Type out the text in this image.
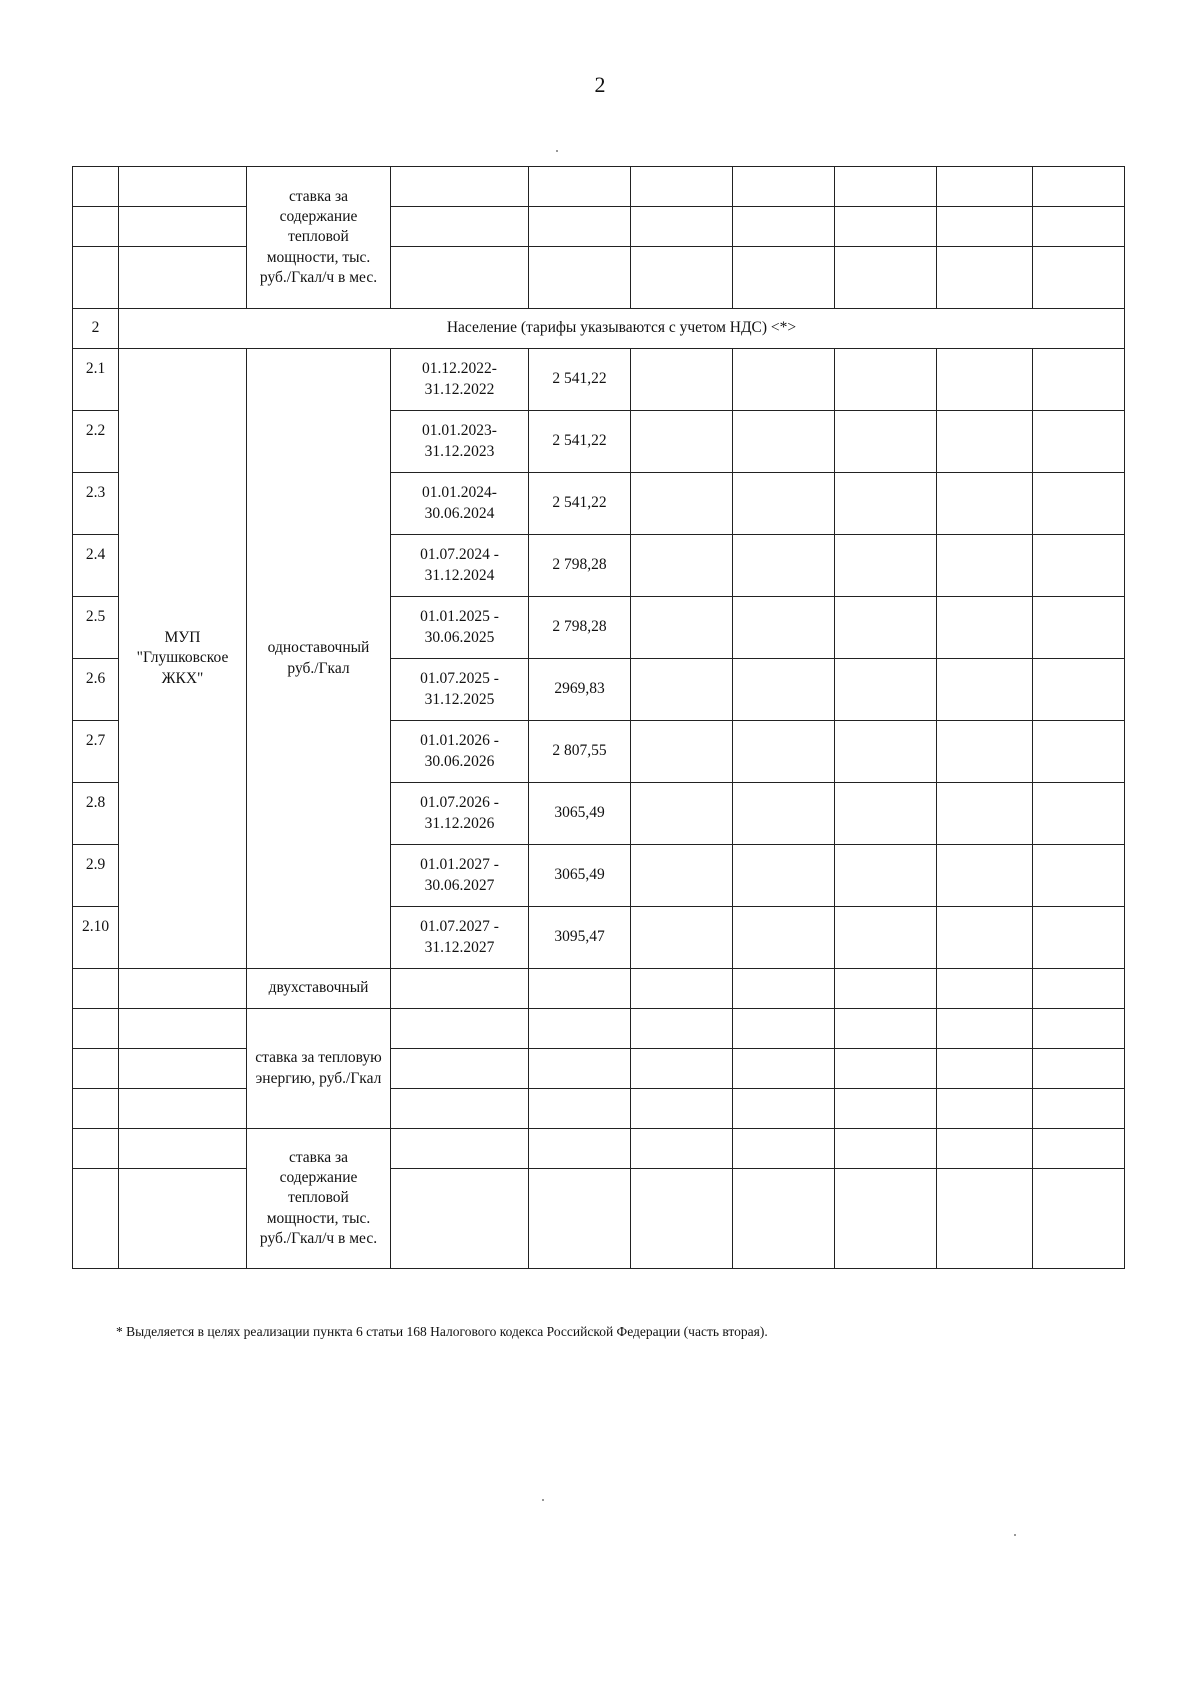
2
		ставка за содержание тепловой мощности, тыс. руб./Гкал/ч в мес.							

2	Население (тарифы указываются с учетом НДС) <*>								
2.1	МУП
"Глушковское
ЖКХ"	одноставочный
руб./Гкал	01.12.2022-
31.12.2022	2 541,22					
2.2			01.01.2023-
31.12.2023	2 541,22					
2.3			01.01.2024-
30.06.2024	2 541,22					
2.4			01.07.2024 -
31.12.2024	2 798,28					
2.5			01.01.2025 -
30.06.2025	2 798,28					
2.6			01.07.2025 -
31.12.2025	2969,83					
2.7			01.01.2026 -
30.06.2026	2 807,55					
2.8			01.07.2026 -
31.12.2026	3065,49					
2.9			01.01.2027 -
30.06.2027	3065,49					
2.10			01.07.2027 -
31.12.2027	3095,47					
		двухставочный							
		ставка за тепловую энергию, руб./Гкал							

		ставка за содержание тепловой мощности, тыс. руб./Гкал/ч в мес.							

* Выделяется в целях реализации пункта 6 статьи 168 Налогового кодекса Российской Федерации (часть вторая).
